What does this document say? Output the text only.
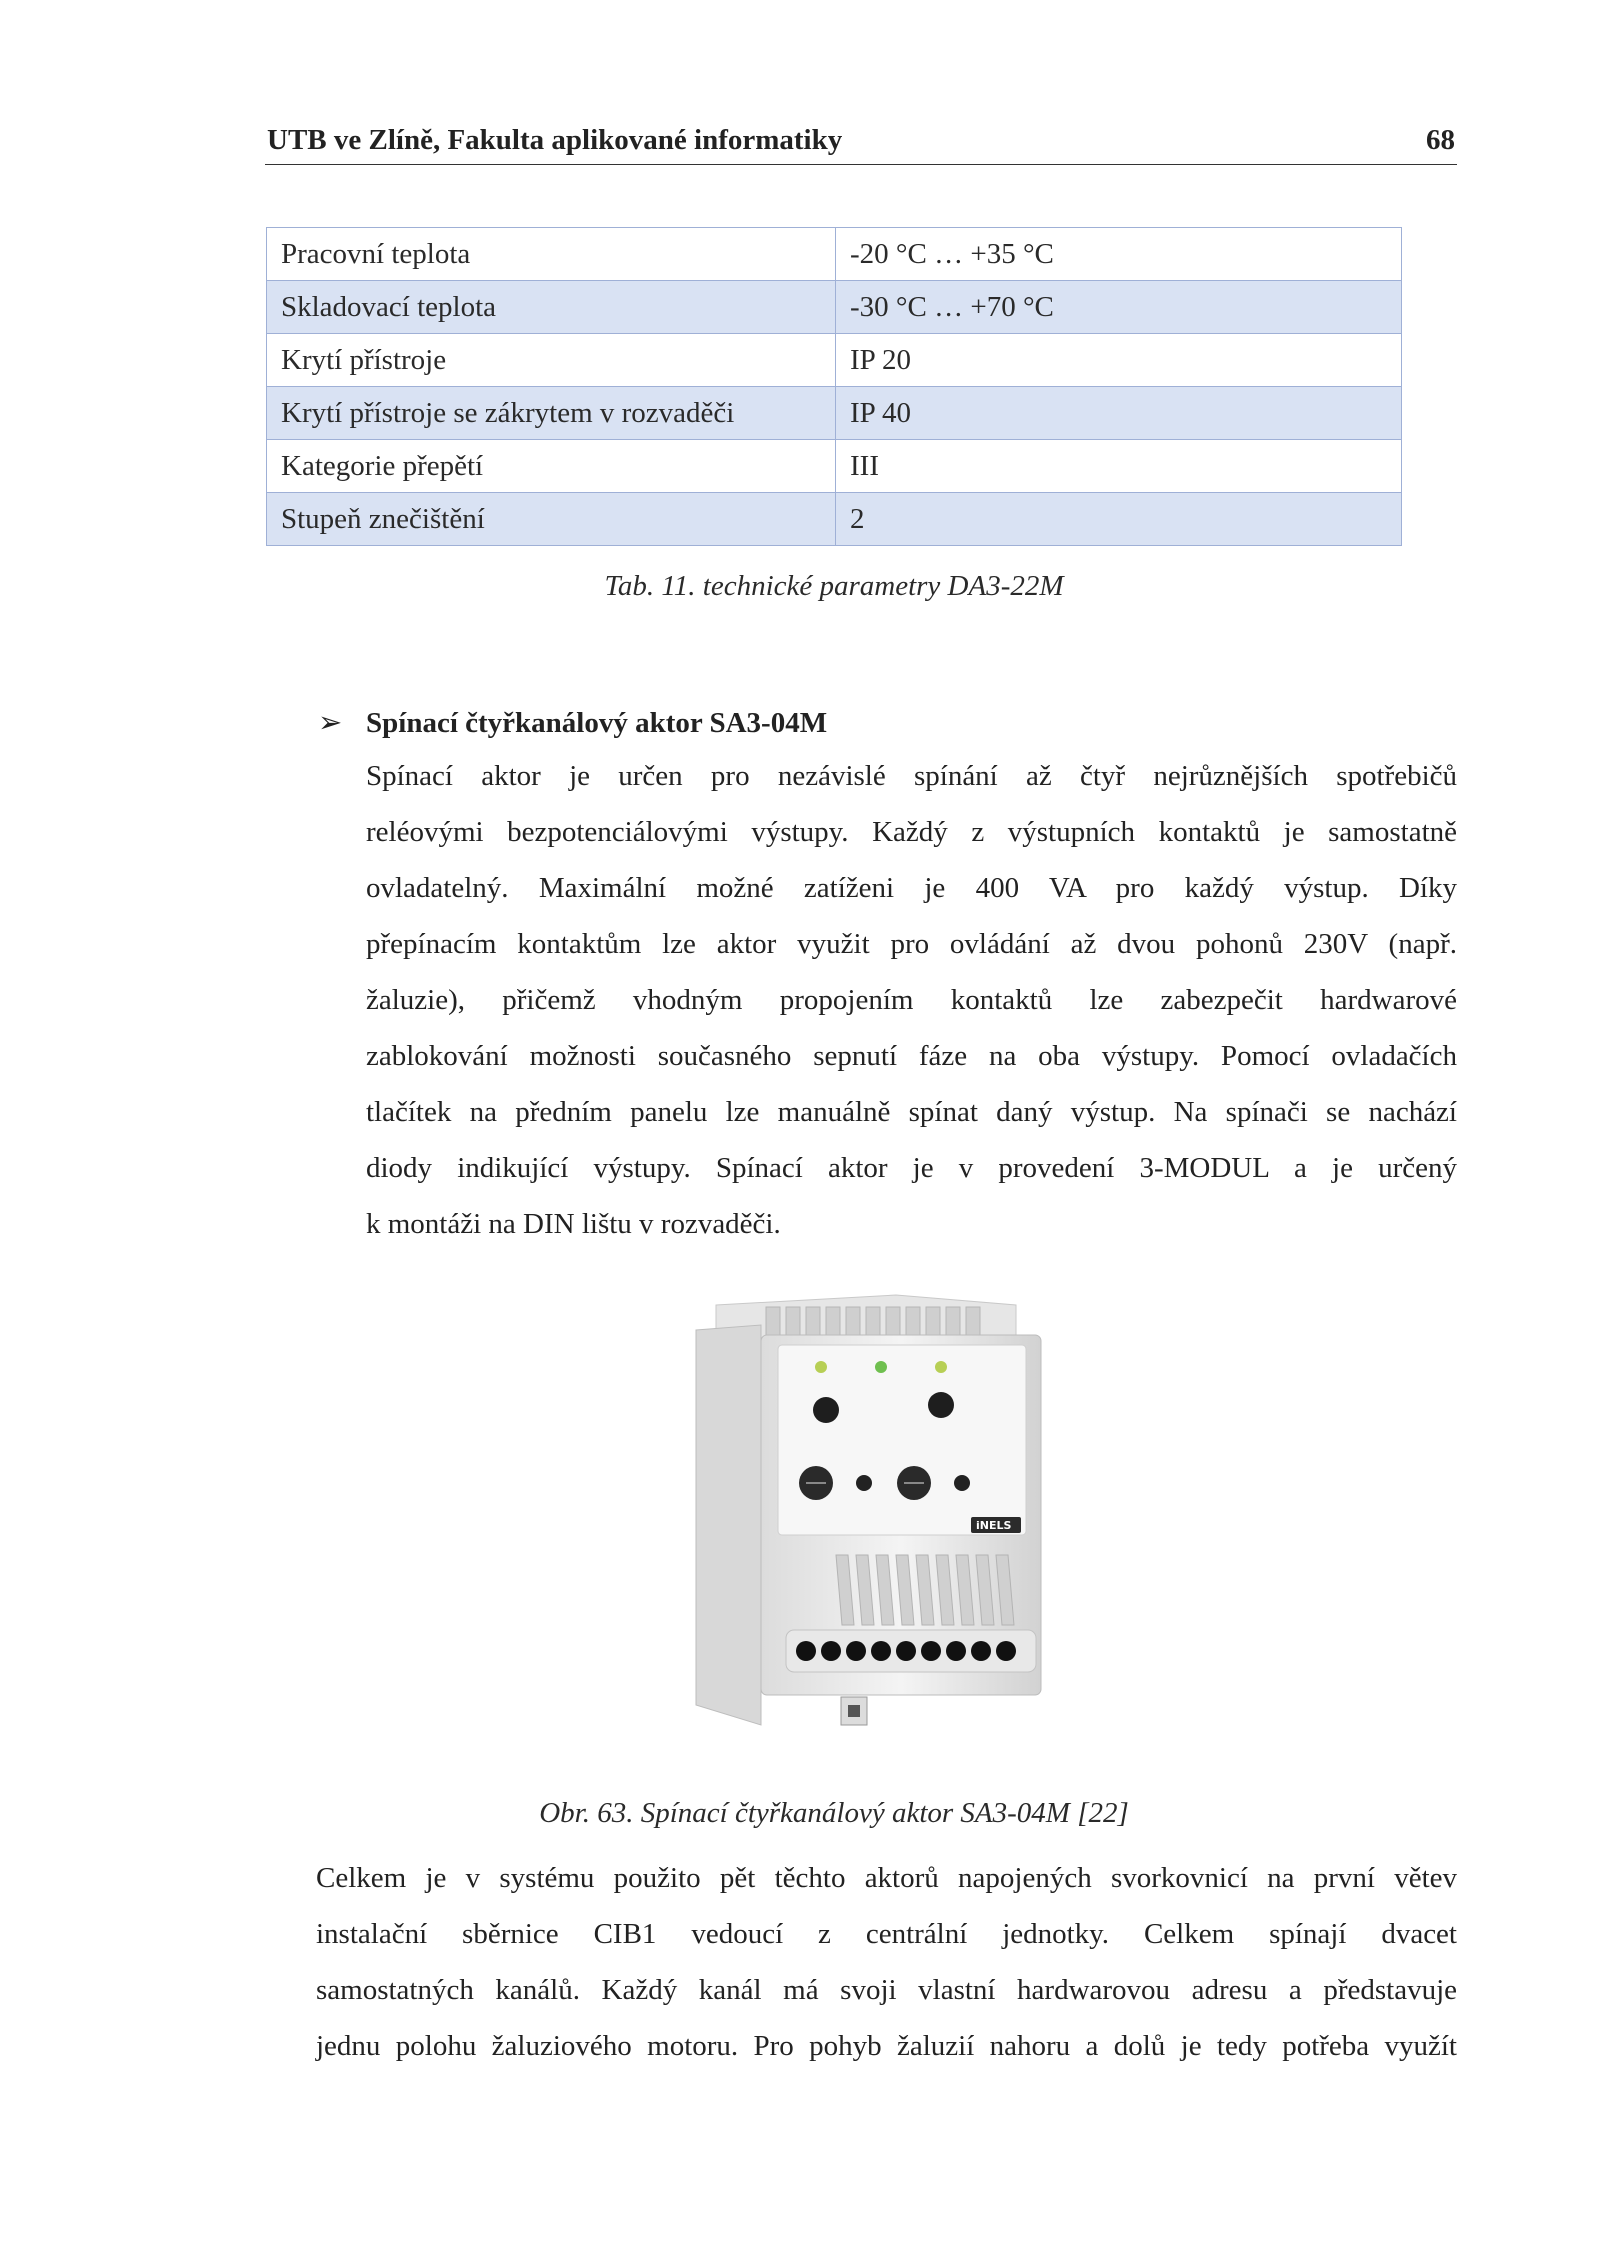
UTB ve Zlíně, Fakulta aplikované informatiky	68
Pracovní teplota	-20 °C … +35 °C
Skladovací teplota	-30 °C … +70 °C
Krytí přístroje	IP 20
Krytí přístroje se zákrytem v rozvaděči	IP 40
Kategorie přepětí	III
Stupeň znečištění	2
Tab. 11. technické parametry DA3-22M
➢ Spínací čtyřkanálový aktor SA3-04M
Spínací aktor je určen pro nezávislé spínání až čtyř nejrůznějších spotřebičů
reléovými bezpotenciálovými výstupy. Každý z výstupních kontaktů je samostatně
ovladatelný. Maximální možné zatíženi je 400 VA pro každý výstup. Díky
přepínacím kontaktům lze aktor využit pro ovládání až dvou pohonů 230V (např.
žaluzie), přičemž vhodným propojením kontaktů lze zabezpečit hardwarové
zablokování možnosti současného sepnutí fáze na oba výstupy. Pomocí ovladačích
tlačítek na předním panelu lze manuálně spínat daný výstup. Na spínači se nachází
diody indikující výstupy. Spínací aktor je v provedení 3-MODUL a je určený
k montáži na DIN lištu v rozvaděči.
iNELS
Obr. 63. Spínací čtyřkanálový aktor SA3-04M [22]
Celkem je v systému použito pět těchto aktorů napojených svorkovnicí na první větev
instalační sběrnice CIB1 vedoucí z centrální jednotky. Celkem spínají dvacet
samostatných kanálů. Každý kanál má svoji vlastní hardwarovou adresu a představuje
jednu polohu žaluziového motoru. Pro pohyb žaluzií nahoru a dolů je tedy potřeba využít
